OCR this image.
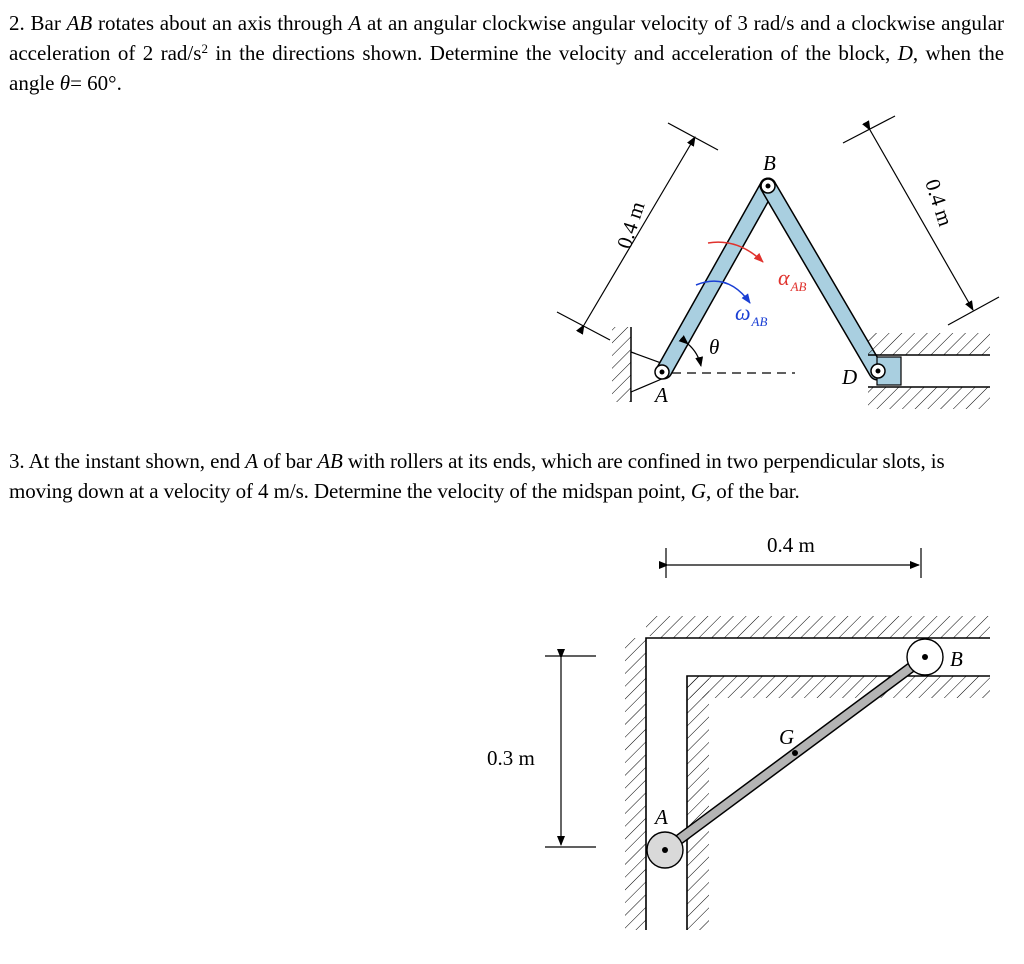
2. Bar AB rotates about an axis through A at an angular clockwise angular velocity of 3 rad/s and a clockwise angular acceleration of 2 rad/$s^2$ in the directions shown. Determine the velocity and acceleration of the block, D, when the angle θ= 60°.
3. At the instant shown, end A of bar AB with rollers at its ends, which are confined in two perpendicular slots, is moving down at a velocity of 4 m/s. Determine the velocity of the midspan point, G, of the bar.
θ
$\alpha_{AB}$
$\omega_{AB}$
B
A
D
0.4 m	0.4 m
0.4 m
0.3 m
A
B
G
